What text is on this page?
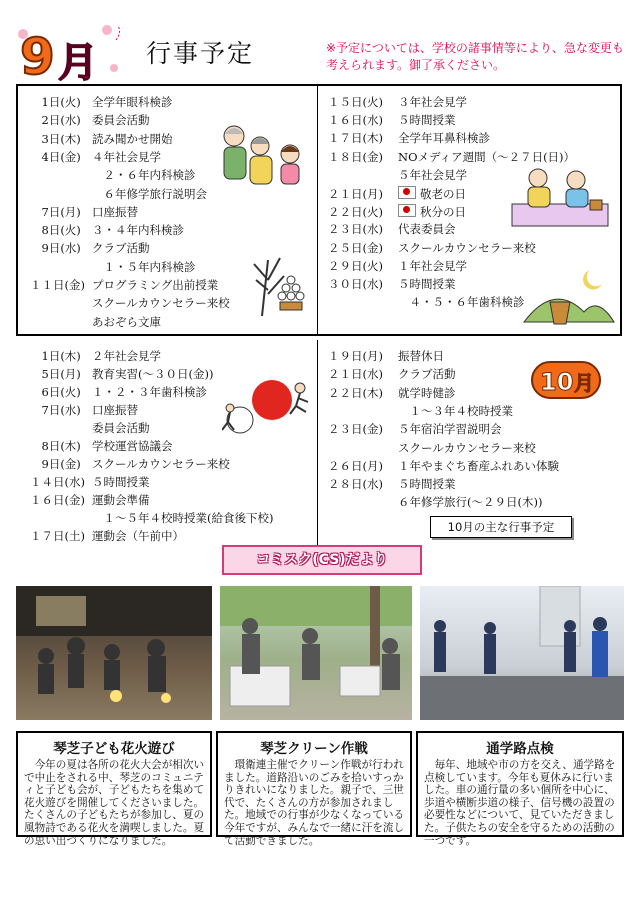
9 月 行事予定	※予定については、学校の諸事情等により、急な変更も考えられます。御了承ください。
　1日(火) 全学年眼科検診
　2日(水) 委員会活動
　3日(木) 読み聞かせ開始
　4日(金) ４年社会見学
　２・６年内科検診
　６年修学旅行説明会
　7日(月) 口座振替
　8日(火) ３・４年内科検診
　9日(水) クラブ活動
　１・５年内科検診
１１日(金) プログラミング出前授業
スクールカウンセラー来校
あおぞら文庫
１５日(火) ３年社会見学
１６日(水) ５時間授業
１７日(木) 全学年耳鼻科検診
１８日(金) NOメディア週間（～２７日(日)）
５年社会見学
２１日(月)	敬老の日
２２日(火)	秋分の日
２３日(水) 代表委員会
２５日(金) スクールカウンセラー来校
２９日(火) １年社会見学
３０日(水) ５時間授業
　４・５・６年歯科検診
　1日(木) ２年社会見学
　5日(月) 教育実習(～３０日(金))
　6日(火) １・２・３年歯科検診
　7日(水) 口座振替
委員会活動
　8日(木) 学校運営協議会
　9日(金) スクールカウンセラー来校
１４日(水) ５時間授業
１６日(金) 運動会準備
　１～５年４校時授業(給食後下校)
１７日(土) 運動会（午前中）
１９日(月) 振替休日
２１日(水) クラブ活動
２２日(木) 就学時健診
　１～３年４校時授業
２３日(金) ５年宿泊学習説明会
スクールカウンセラー来校
２６日(月) １年やまぐち畜産ふれあい体験
２８日(水) ５時間授業
６年修学旅行(～２９日(木))
10 月
10月の主な行事予定
コミスク(CS)だより
琴芝子ども花火遊び
今年の夏は各所の花火大会が相次いで中止をされる中、琴芝のコミュニティと子ども会が、子どもたちを集めて花火遊びを開催してくださいました。たくさんの子どもたちが参加し、夏の風物詩である花火を満喫しました。夏の思い出づくりになりました。
琴芝クリーン作戦
環衛連主催でクリーン作戦が行われました。道路沿いのごみを拾いすっかりきれいになりました。親子で、三世代で、たくさんの方が参加されました。地域での行事が少なくなっている今年ですが、みんなで一緒に汗を流して活動できました。
通学路点検
毎年、地域や市の方を交え、通学路を点検しています。今年も夏休みに行いました。車の通行量の多い個所を中心に、歩道や横断歩道の様子、信号機の設置の必要性などについて、見ていただきました。子供たちの安全を守るための活動の一つです。
